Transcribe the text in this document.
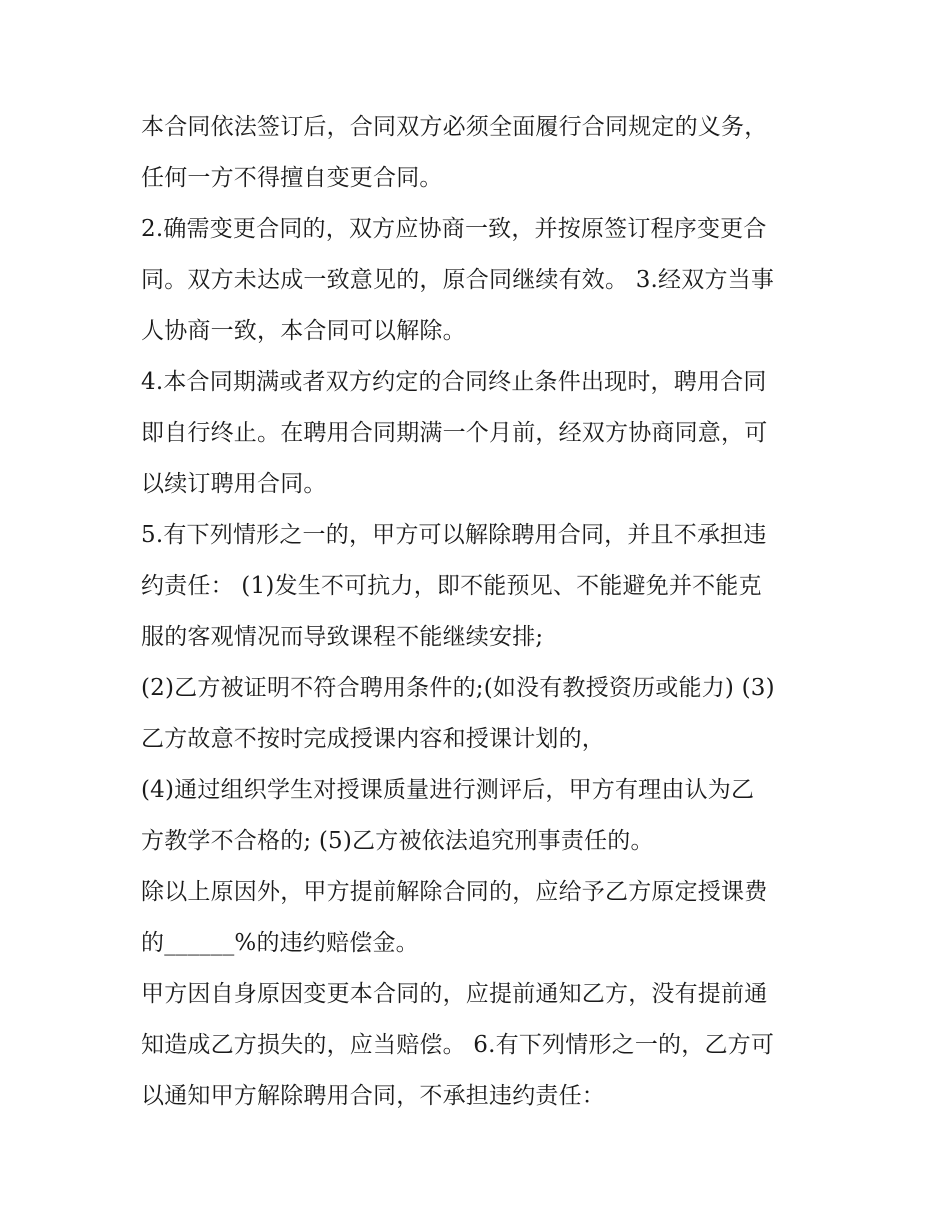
本合同依法签订后，合同双方必须全面履行合同规定的义务，
任何一方不得擅自变更合同。
2.确需变更合同的，双方应协商一致，并按原签订程序变更合
同。双方未达成一致意见的，原合同继续有效。 3.经双方当事
人协商一致，本合同可以解除。
4.本合同期满或者双方约定的合同终止条件出现时，聘用合同
即自行终止。在聘用合同期满一个月前，经双方协商同意，可
以续订聘用合同。
5.有下列情形之一的，甲方可以解除聘用合同，并且不承担违
约责任： (1)发生不可抗力，即不能预见、不能避免并不能克
服的客观情况而导致课程不能继续安排;
(2)乙方被证明不符合聘用条件的;(如没有教授资历或能力) (3)
乙方故意不按时完成授课内容和授课计划的，
(4)通过组织学生对授课质量进行测评后，甲方有理由认为乙
方教学不合格的; (5)乙方被依法追究刑事责任的。
除以上原因外，甲方提前解除合同的，应给予乙方原定授课费
的______%的违约赔偿金。
甲方因自身原因变更本合同的，应提前通知乙方，没有提前通
知造成乙方损失的，应当赔偿。 6.有下列情形之一的，乙方可
以通知甲方解除聘用合同，不承担违约责任：
